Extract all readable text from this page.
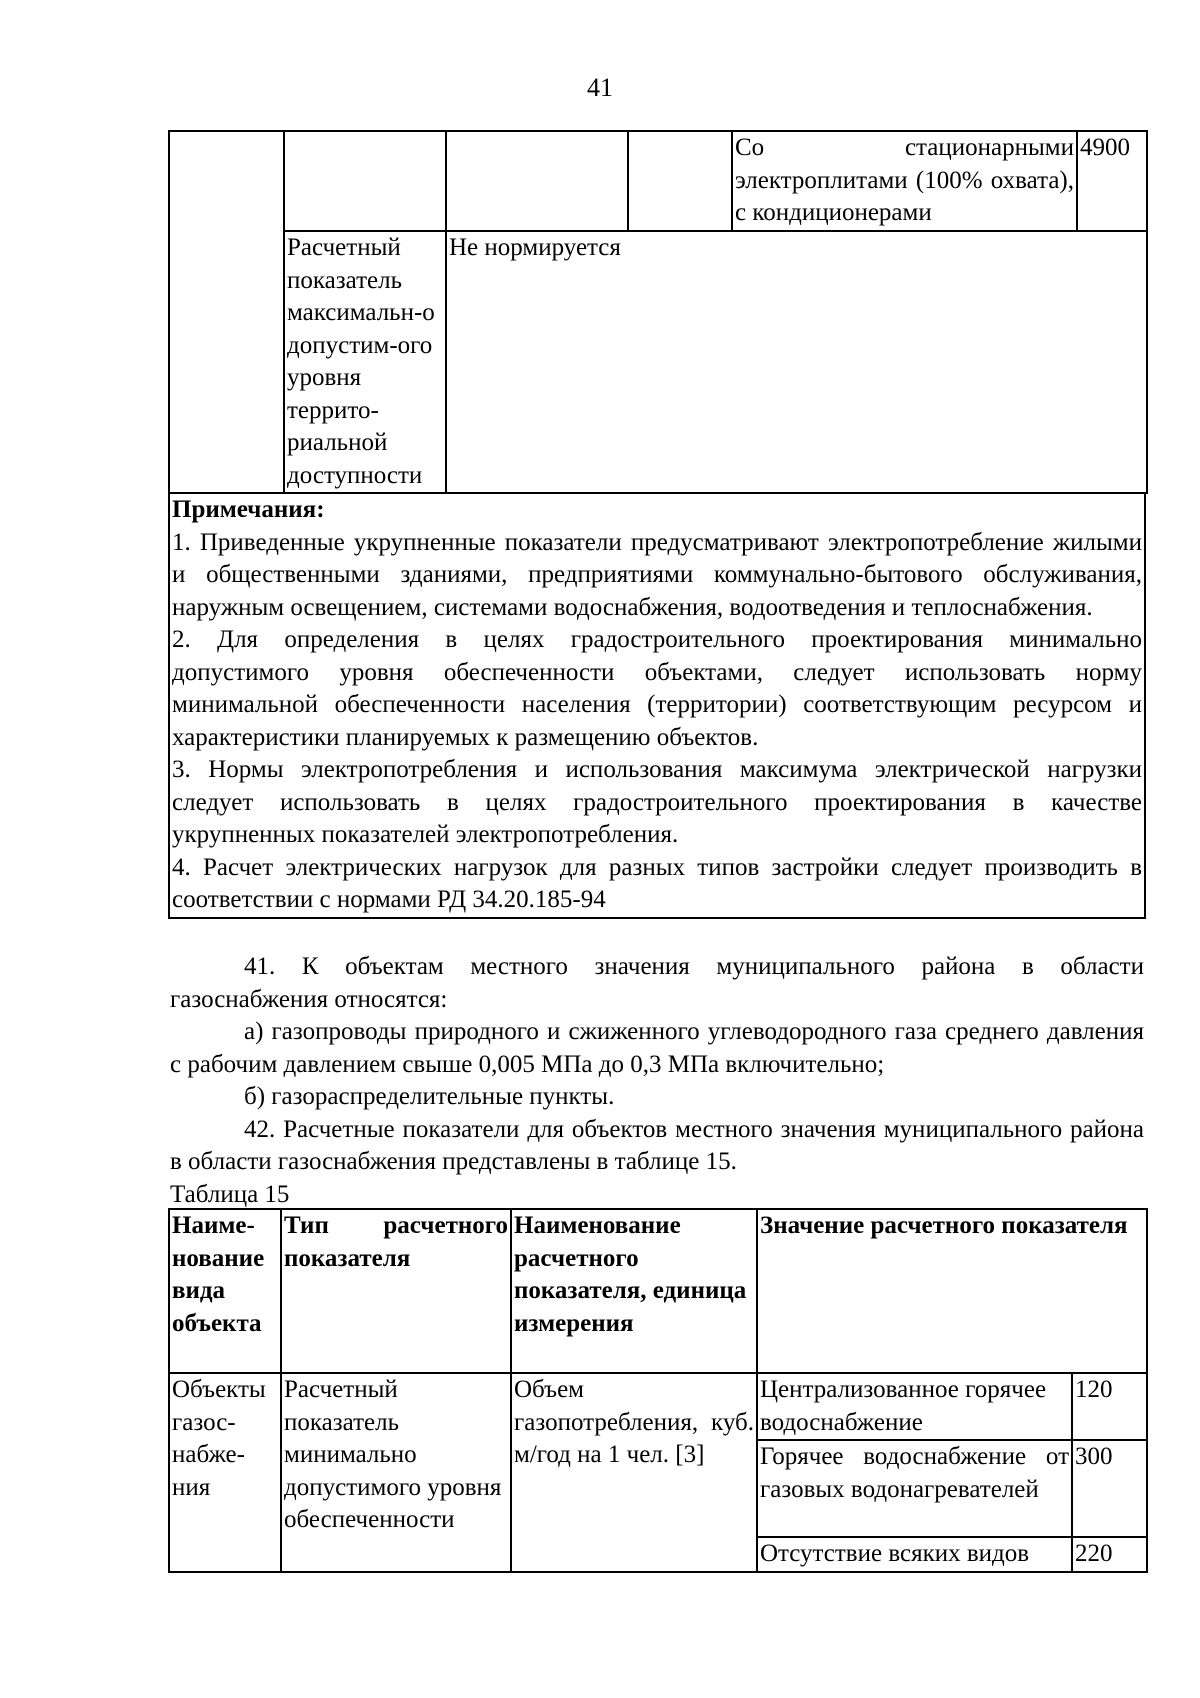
41
				Со стационарными электроплитами (100% охвата), с кондиционерами	4900
	Расчетный показатель максимальн-о допустим-ого уровня террито-риальной доступности	Не нормируется			

Примечания:

1. Приведенные укрупненные показатели предусматривают электропотребление жилыми и общественными зданиями, предприятиями коммунально-бытового обслуживания, наружным освещением, системами водоснабжения, водоотведения и теплоснабжения.

2. Для определения в целях градостроительного проектирования минимально допустимого уровня обеспеченности объектами, следует использовать норму минимальной обеспеченности населения (территории) соответствующим ресурсом и характеристики планируемых к размещению объектов.

3. Нормы электропотребления и использования максимума электрической нагрузки следует использовать в целях градостроительного проектирования в качестве укрупненных показателей электропотребления.

4. Расчет электрических нагрузок для разных типов застройки следует производить в соответствии с нормами РД 34.20.185-94

41. К объектам местного значения муниципального района в области газоснабжения относятся:

а) газопроводы природного и сжиженного углеводородного газа среднего давления с рабочим давлением свыше 0,005 МПа до 0,3 МПа включительно;

б) газораспределительные пункты.

42. Расчетные показатели для объектов местного значения муниципального района в области газоснабжения представлены в таблице 15.

Таблица 15

Наиме-нование вида объекта	Тип расчетного показателя	Наименование расчетного показателя, единица измерения	Значение расчетного показателя	
Объекты газос-набже-ния	Расчетный показатель минимально допустимого уровня обеспеченности	Объем газопотребления, куб. м/год на 1 чел. [3]	Централизованное горячее водоснабжение	120
			Горячее водоснабжение от газовых водонагревателей	300
			Отсутствие всяких видов	220
